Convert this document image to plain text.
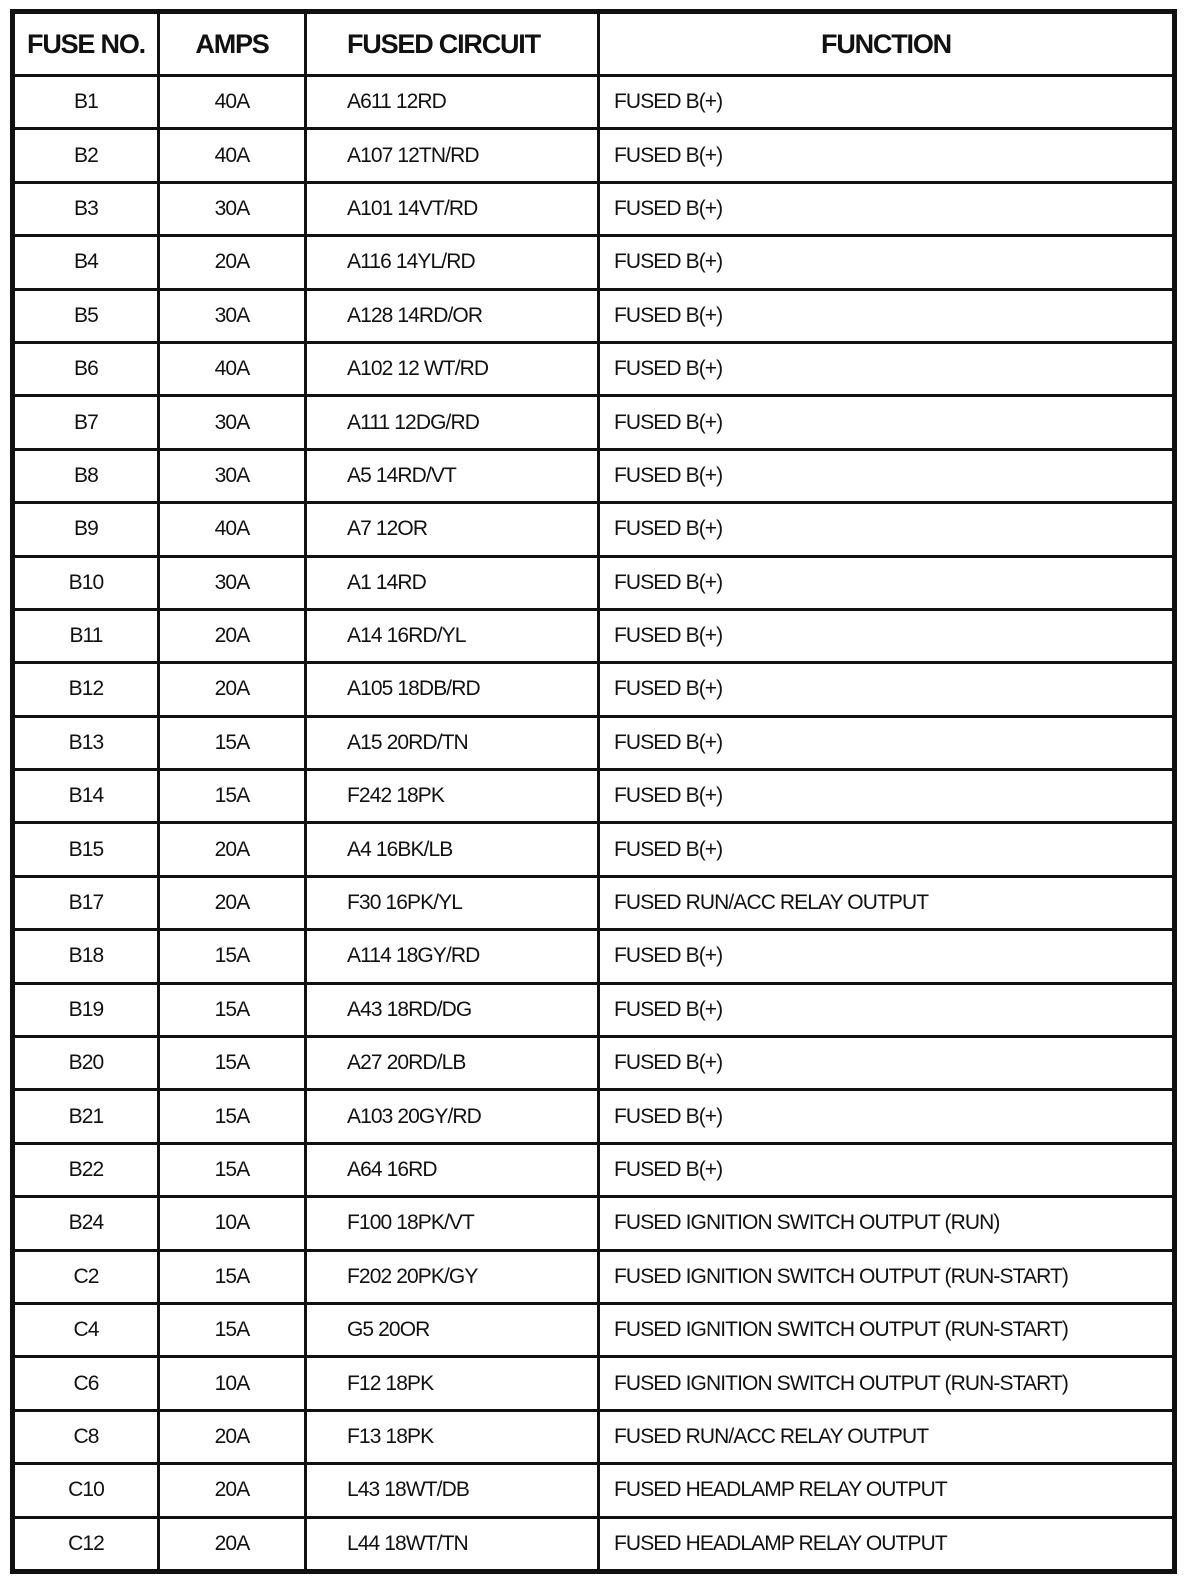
FUSE NO.	AMPS	FUSED CIRCUIT	FUNCTION
B1	40A	A611 12RD	FUSED B(+)
B2	40A	A107 12TN/RD	FUSED B(+)
B3	30A	A101 14VT/RD	FUSED B(+)
B4	20A	A116 14YL/RD	FUSED B(+)
B5	30A	A128 14RD/OR	FUSED B(+)
B6	40A	A102 12 WT/RD	FUSED B(+)
B7	30A	A111 12DG/RD	FUSED B(+)
B8	30A	A5 14RD/VT	FUSED B(+)
B9	40A	A7 12OR	FUSED B(+)
B10	30A	A1 14RD	FUSED B(+)
B11	20A	A14 16RD/YL	FUSED B(+)
B12	20A	A105 18DB/RD	FUSED B(+)
B13	15A	A15 20RD/TN	FUSED B(+)
B14	15A	F242 18PK	FUSED B(+)
B15	20A	A4 16BK/LB	FUSED B(+)
B17	20A	F30 16PK/YL	FUSED RUN/ACC RELAY OUTPUT
B18	15A	A114 18GY/RD	FUSED B(+)
B19	15A	A43 18RD/DG	FUSED B(+)
B20	15A	A27 20RD/LB	FUSED B(+)
B21	15A	A103 20GY/RD	FUSED B(+)
B22	15A	A64 16RD	FUSED B(+)
B24	10A	F100 18PK/VT	FUSED IGNITION SWITCH OUTPUT (RUN)
C2	15A	F202 20PK/GY	FUSED IGNITION SWITCH OUTPUT (RUN-START)
C4	15A	G5 20OR	FUSED IGNITION SWITCH OUTPUT (RUN-START)
C6	10A	F12 18PK	FUSED IGNITION SWITCH OUTPUT (RUN-START)
C8	20A	F13 18PK	FUSED RUN/ACC RELAY OUTPUT
C10	20A	L43 18WT/DB	FUSED HEADLAMP RELAY OUTPUT
C12	20A	L44 18WT/TN	FUSED HEADLAMP RELAY OUTPUT
